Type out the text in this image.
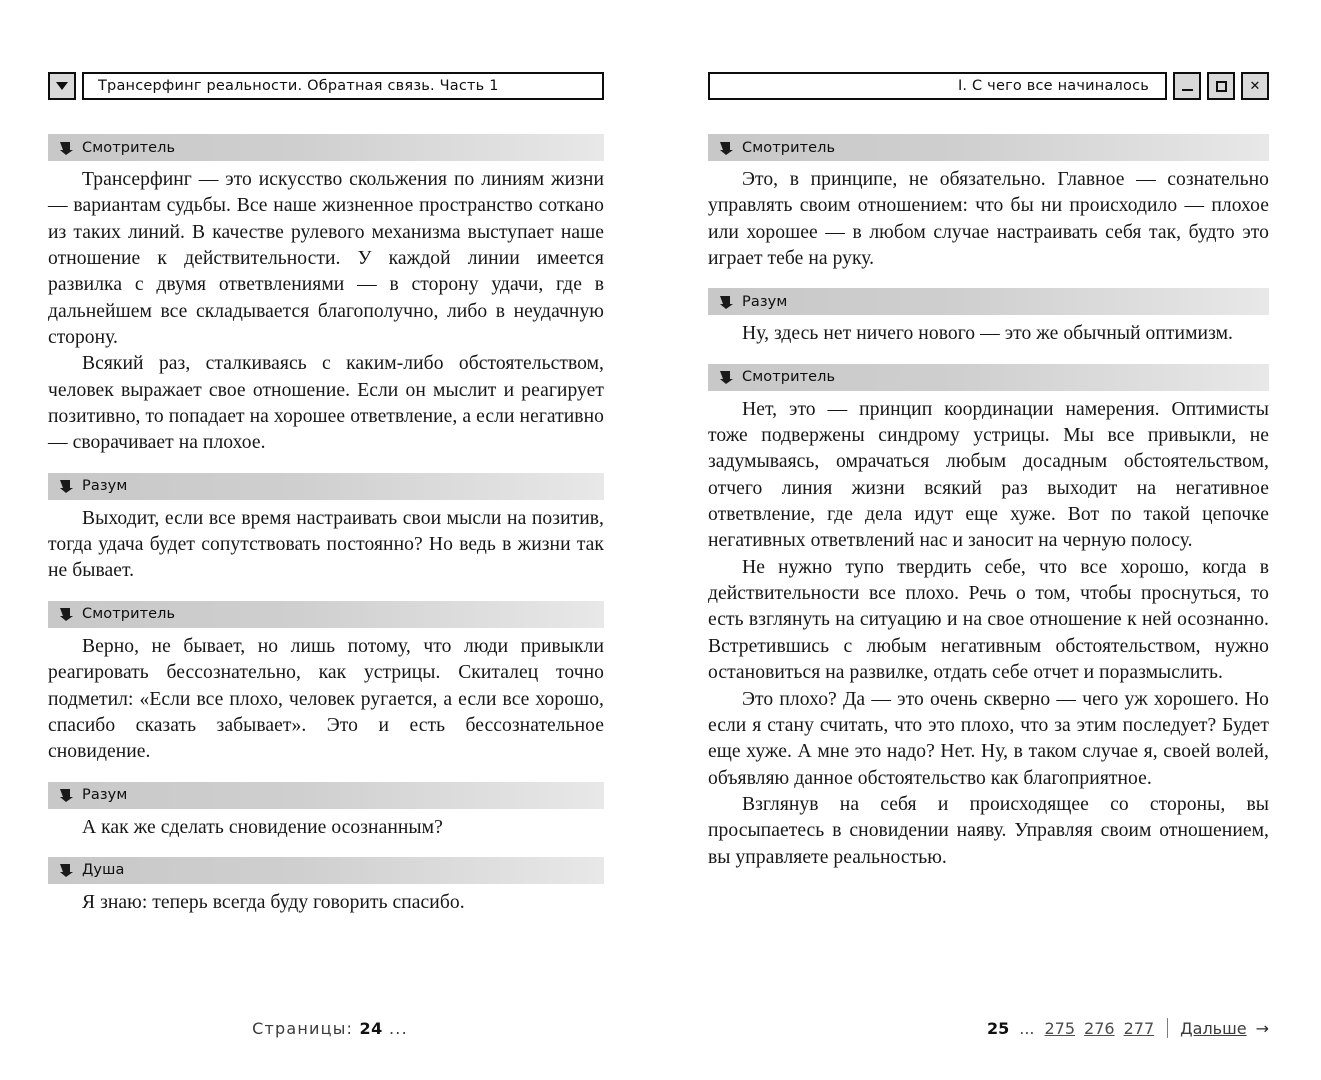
Трансерфинг реальности. Обратная связь. Часть 1
Смотритель

Трансерфинг — это искусство скольжения по линиям жизни — вариантам судьбы. Все наше жизненное пространство соткано из таких линий. В качестве рулевого механизма выступает наше отношение к действительности. У каждой линии имеется развилка с двумя ответвлениями — в сторону удачи, где в дальнейшем все складывается благополучно, либо в неудачную сторону.

Всякий раз, сталкиваясь с каким-либо обстоятельством, человек выражает свое отношение. Если он мыслит и реагирует позитивно, то попадает на хорошее ответвление, а если негативно — сворачивает на плохое.

Разум

Выходит, если все время настраивать свои мысли на позитив, тогда удача будет сопутствовать постоянно? Но ведь в жизни так не бывает.

Смотритель

Верно, не бывает, но лишь потому, что люди привыкли реагировать бессознательно, как устрицы. Скиталец точно подметил: «Если все плохо, человек ругается, а если все хорошо, спасибо сказать забывает». Это и есть бессознательное сновидение.

Разум

А как же сделать сновидение осознанным?

Душа

Я знаю: теперь всегда буду говорить спасибо.

Страницы: 24 ...
I. С чего все начиналось	✕
Смотритель

Это, в принципе, не обязательно. Главное — сознательно управлять своим отношением: что бы ни происходило — плохое или хорошее — в любом случае настраивать себя так, будто это играет тебе на руку.

Разум

Ну, здесь нет ничего нового — это же обычный оптимизм.

Смотритель

Нет, это — принцип координации намерения. Оптимисты тоже подвержены синдрому устрицы. Мы все привыкли, не задумываясь, омрачаться любым досадным обстоятельством, отчего линия жизни всякий раз выходит на негативное ответвление, где дела идут еще хуже. Вот по такой цепочке негативных ответвлений нас и заносит на черную полосу.

Не нужно тупо твердить себе, что все хорошо, когда в действительности все плохо. Речь о том, чтобы проснуться, то есть взглянуть на ситуацию и на свое отношение к ней осознанно. Встретившись с любым негативным обстоятельством, нужно остановиться на развилке, отдать себе отчет и поразмыслить.

Это плохо? Да — это очень скверно — чего уж хорошего. Но если я стану считать, что это плохо, что за этим последует? Будет еще хуже. А мне это надо? Нет. Ну, в таком случае я, своей волей, объявляю данное обстоятельство как благоприятное.

Взглянув на себя и происходящее со стороны, вы просыпаетесь в сновидении наяву. Управляя своим отношением, вы управляете реальностью.

25 ... 275 276 277 Дальше →
